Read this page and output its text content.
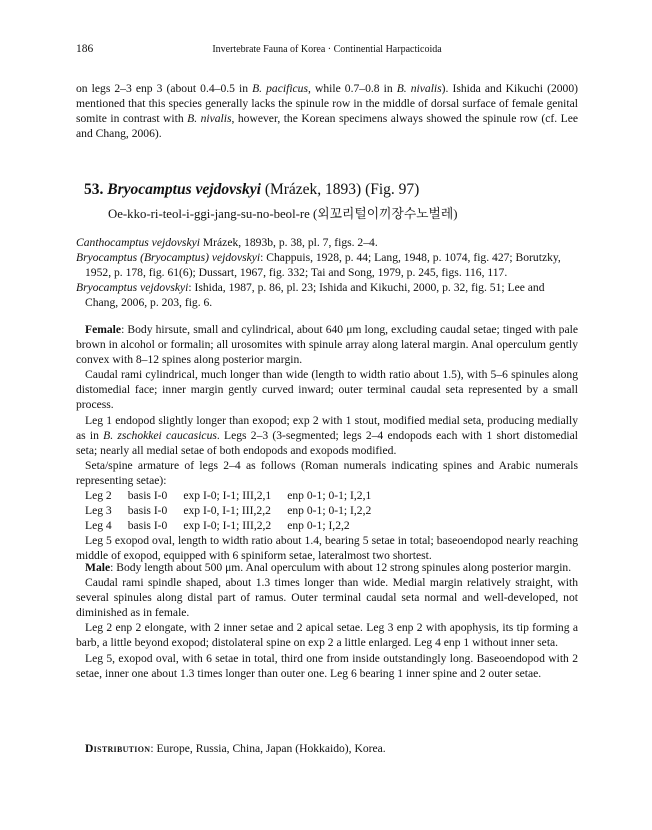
186	Invertebrate Fauna of Korea · Continential Harpacticoida

on legs 2–3 enp 3 (about 0.4–0.5 in B. pacificus, while 0.7–0.8 in B. nivalis). Ishida and Kikuchi (2000) mentioned that this species generally lacks the spinule row in the middle of dorsal surface of female genital somite in contrast with B. nivalis, however, the Korean specimens always showed the spinule row (cf. Lee and Chang, 2006).

53. Bryocamptus vejdovskyi (Mrázek, 1893) (Fig. 97)
Oe-kko-ri-teol-i-ggi-jang-su-no-beol-re (외꼬리털이끼장수노벌레)

Canthocamptus vejdovskyi Mrázek, 1893b, p. 38, pl. 7, figs. 2–4.

Bryocamptus (Bryocamptus) vejdovskyi: Chappuis, 1928, p. 44; Lang, 1948, p. 1074, fig. 427; Borutzky, 1952, p. 178, fig. 61(6); Dussart, 1967, fig. 332; Tai and Song, 1979, p. 245, figs. 116, 117.

Bryocamptus vejdovskyi: Ishida, 1987, p. 86, pl. 23; Ishida and Kikuchi, 2000, p. 32, fig. 51; Lee and Chang, 2006, p. 203, fig. 6.

Female: Body hirsute, small and cylindrical, about 640 μm long, excluding caudal setae; tinged with pale brown in alcohol or formalin; all urosomites with spinule array along lateral margin. Anal operculum gently convex with 8–12 spines along posterior margin.

Caudal rami cylindrical, much longer than wide (length to width ratio about 1.5), with 5–6 spinules along distomedial face; inner margin gently curved inward; outer terminal caudal seta represented by a small process.

Leg 1 endopod slightly longer than exopod; exp 2 with 1 stout, modified medial seta, producing medially as in B. zschokkei caucasicus. Legs 2–3 (3-segmented; legs 2–4 endopods each with 1 short distomedial seta; nearly all medial setae of both endopods and exopods modified.

Seta/spine armature of legs 2–4 as follows (Roman numerals indicating spines and Arabic numerals representing setae):

Leg 2	basis I-0	exp I-0; I-1; III,2,1	enp 0-1; 0-1; I,2,1
Leg 3	basis I-0	exp I-0, I-1; III,2,2	enp 0-1; 0-1; I,2,2
Leg 4	basis I-0	exp I-0; I-1; III,2,2	enp 0-1; I,2,2

Leg 5 exopod oval, length to width ratio about 1.4, bearing 5 setae in total; baseoendopod nearly reaching middle of exopod, equipped with 6 spiniform setae, lateralmost two shortest.

Male: Body length about 500 μm. Anal operculum with about 12 strong spinules along posterior margin.

Caudal rami spindle shaped, about 1.3 times longer than wide. Medial margin relatively straight, with several spinules along distal part of ramus. Outer terminal caudal seta normal and well-developed, not diminished as in female.

Leg 2 enp 2 elongate, with 2 inner setae and 2 apical setae. Leg 3 enp 2 with apophysis, its tip forming a barb, a little beyond exopod; distolateral spine on exp 2 a little enlarged. Leg 4 enp 1 without inner seta.

Leg 5, exopod oval, with 6 setae in total, third one from inside outstandingly long. Baseoendopod with 2 setae, inner one about 1.3 times longer than outer one. Leg 6 bearing 1 inner spine and 2 outer setae.

Distribution: Europe, Russia, China, Japan (Hokkaido), Korea.
